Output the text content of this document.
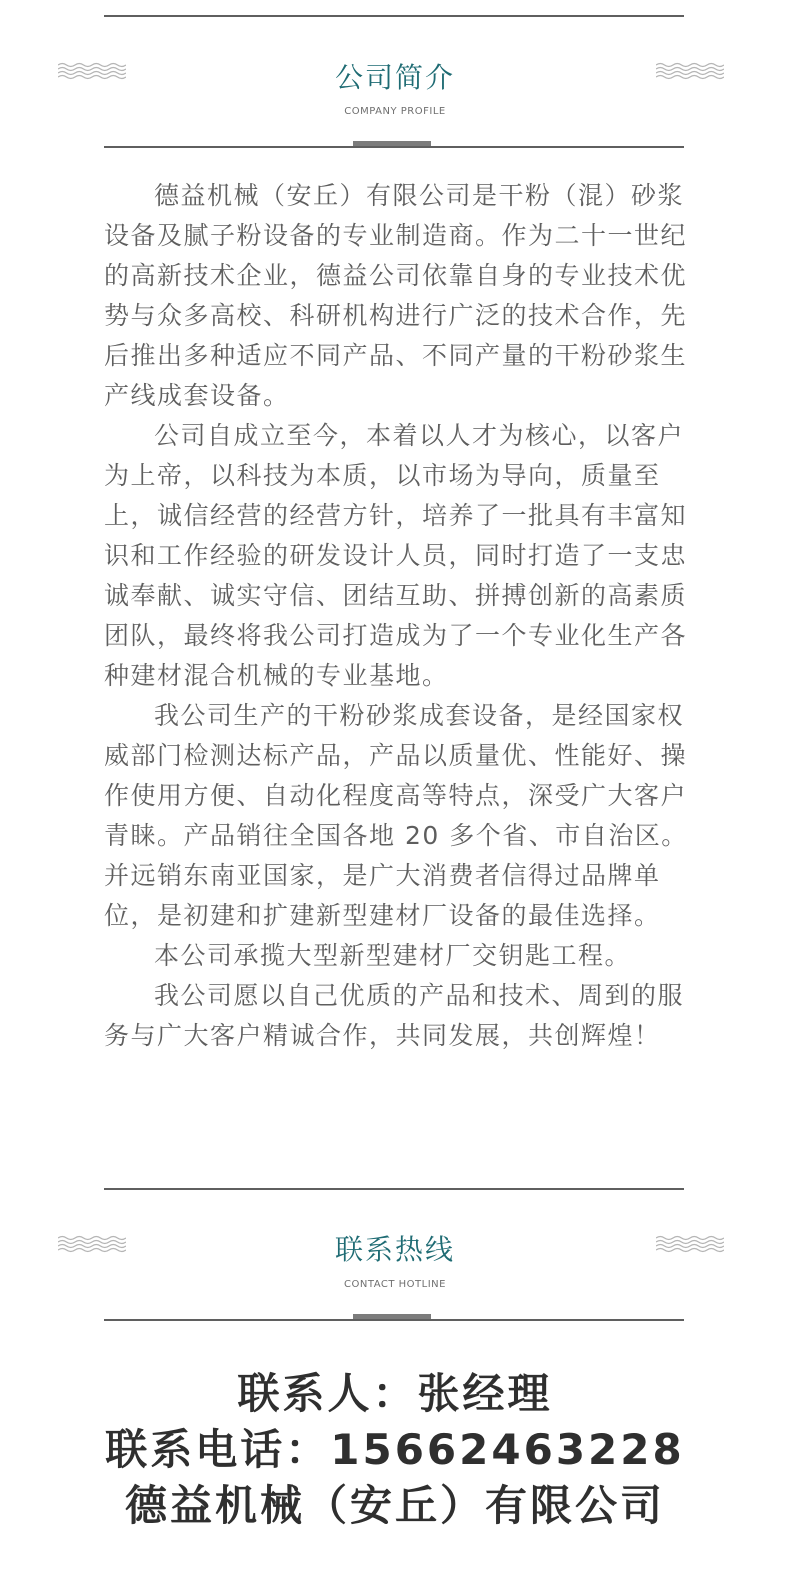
公司简介
COMPANY PROFILE

德益机械（安丘）有限公司是干粉（混）砂浆设备及腻子粉设备的专业制造商。作为二十一世纪的高新技术企业，德益公司依靠自身的专业技术优势与众多高校、科研机构进行广泛的技术合作，先后推出多种适应不同产品、不同产量的干粉砂浆生产线成套设备。

公司自成立至今，本着以人才为核心，以客户为上帝，以科技为本质，以市场为导向，质量至上，诚信经营的经营方针，培养了一批具有丰富知识和工作经验的研发设计人员，同时打造了一支忠诚奉献、诚实守信、团结互助、拼搏创新的高素质团队，最终将我公司打造成为了一个专业化生产各种建材混合机械的专业基地。

我公司生产的干粉砂浆成套设备，是经国家权威部门检测达标产品，产品以质量优、性能好、操作使用方便、自动化程度高等特点，深受广大客户青睐。产品销往全国各地 20 多个省、市自治区。并远销东南亚国家，是广大消费者信得过品牌单位，是初建和扩建新型建材厂设备的最佳选择。

本公司承揽大型新型建材厂交钥匙工程。

我公司愿以自己优质的产品和技术、周到的服务与广大客户精诚合作，共同发展，共创辉煌！

联系热线
CONTACT HOTLINE
联系人：张经理
联系电话：15662463228
德益机械（安丘）有限公司
